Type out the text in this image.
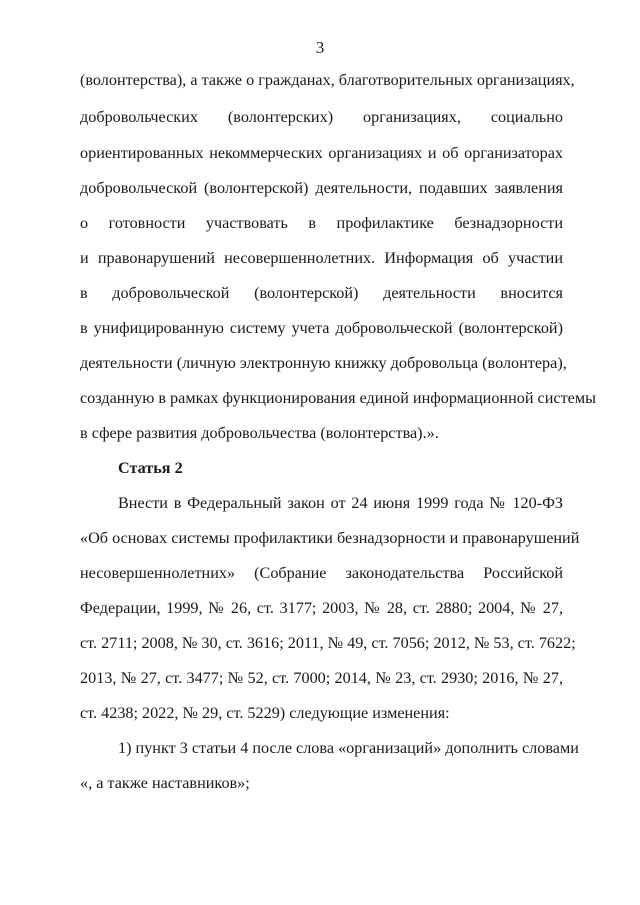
3
(волонтерства), а также о гражданах, благотворительных организациях,
добровольческих (волонтерских) организациях, социально
ориентированных некоммерческих организациях и об организаторах
добровольческой (волонтерской) деятельности, подавших заявления
о готовности участвовать в профилактике безнадзорности
и правонарушений несовершеннолетних. Информация об участии
в добровольческой (волонтерской) деятельности вносится
в унифицированную систему учета добровольческой (волонтерской)
деятельности (личную электронную книжку добровольца (волонтера),
созданную в рамках функционирования единой информационной системы
в сфере развития добровольчества (волонтерства).».
Статья 2
Внести в Федеральный закон от 24 июня 1999 года № 120-ФЗ
«Об основах системы профилактики безнадзорности и правонарушений
несовершеннолетних» (Собрание законодательства Российской
Федерации, 1999, № 26, ст. 3177; 2003, № 28, ст. 2880; 2004, № 27,
ст. 2711; 2008, № 30, ст. 3616; 2011, № 49, ст. 7056; 2012, № 53, ст. 7622;
2013, № 27, ст. 3477; № 52, ст. 7000; 2014, № 23, ст. 2930; 2016, № 27,
ст. 4238; 2022, № 29, ст. 5229) следующие изменения:
1) пункт 3 статьи 4 после слова «организаций» дополнить словами
«, а также наставников»;
